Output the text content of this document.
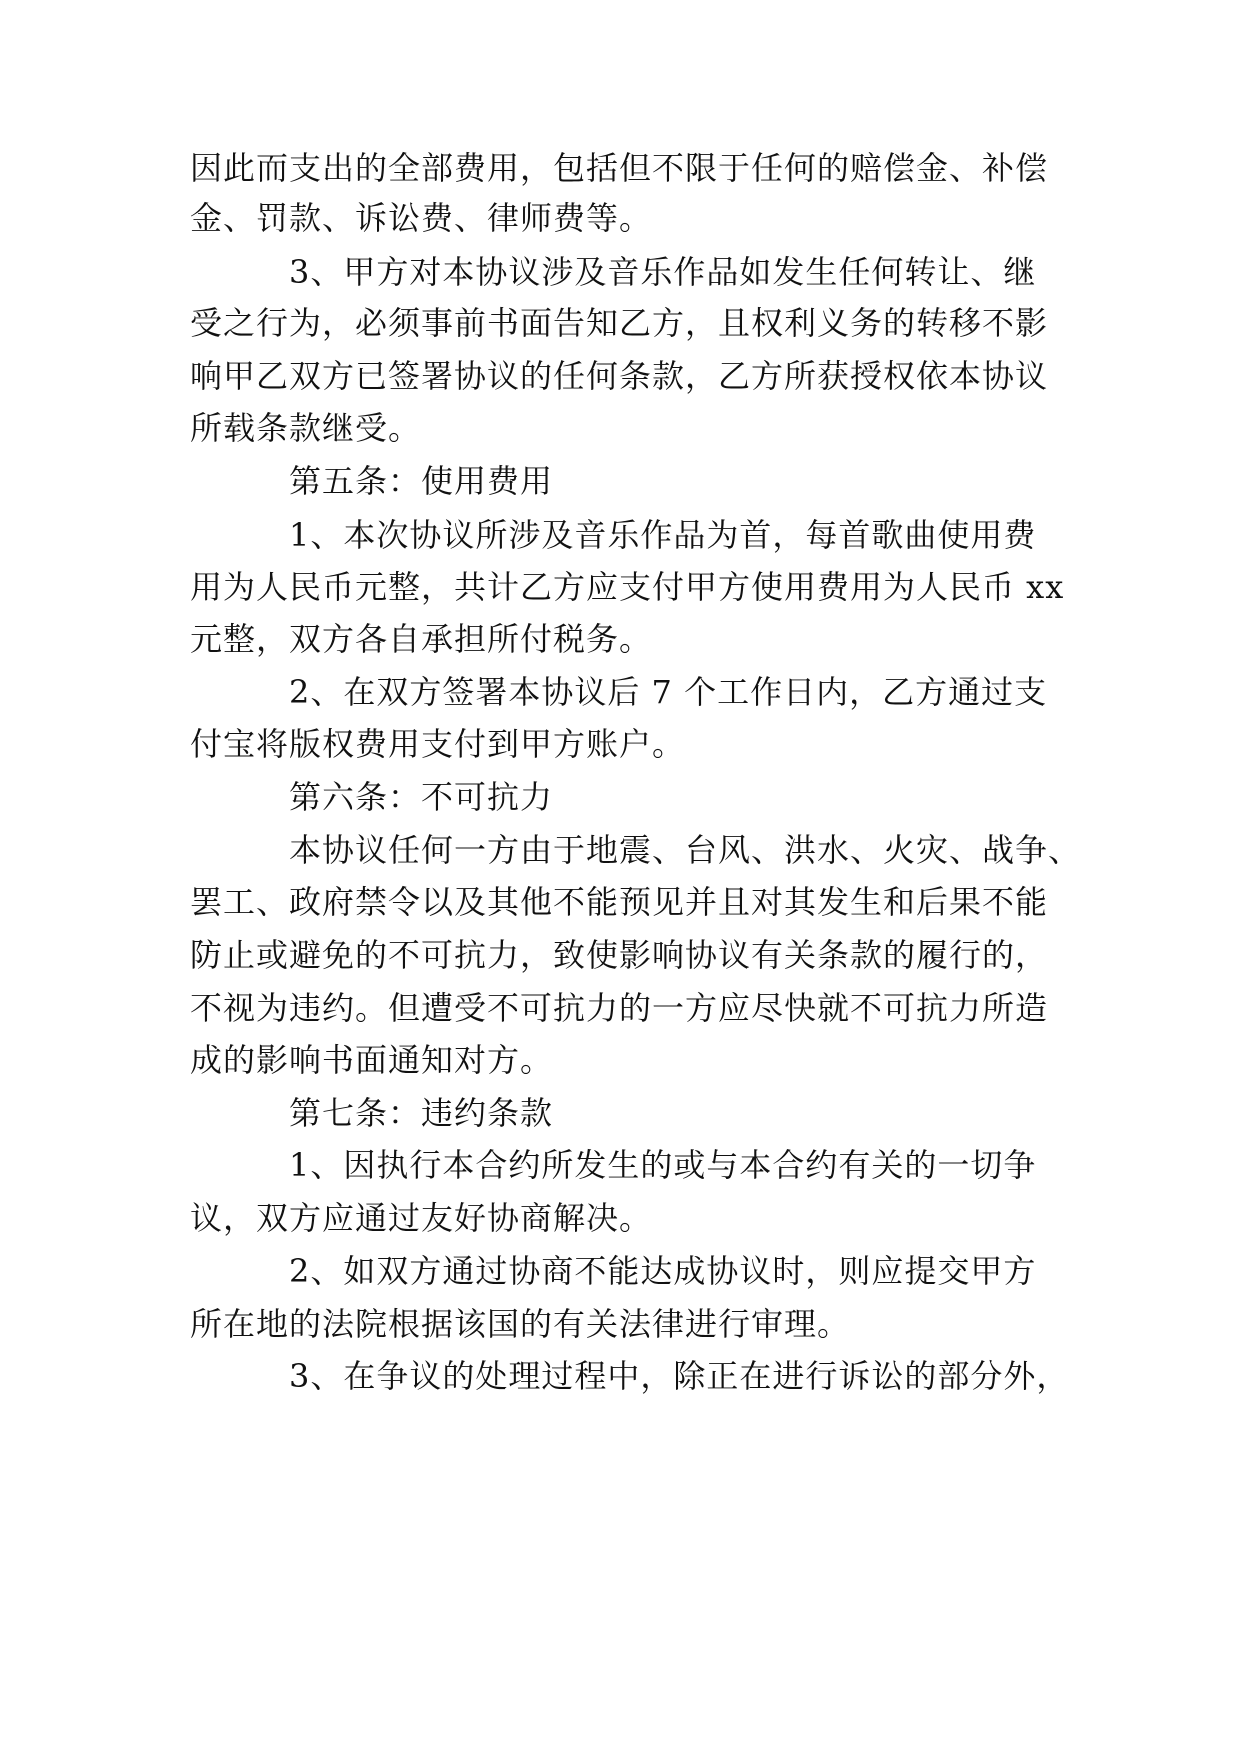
因此而支出的全部费用，包括但不限于任何的赔偿金、补偿
金、罚款、诉讼费、律师费等。
3、甲方对本协议涉及音乐作品如发生任何转让、继
受之行为，必须事前书面告知乙方，且权利义务的转移不影
响甲乙双方已签署协议的任何条款，乙方所获授权依本协议
所载条款继受。
第五条：使用费用
1、本次协议所涉及音乐作品为首，每首歌曲使用费
用为人民币元整，共计乙方应支付甲方使用费用为人民币 xx
元整，双方各自承担所付税务。
2、在双方签署本协议后 7 个工作日内，乙方通过支
付宝将版权费用支付到甲方账户。
第六条：不可抗力
本协议任何一方由于地震、台风、洪水、火灾、战争、
罢工、政府禁令以及其他不能预见并且对其发生和后果不能
防止或避免的不可抗力，致使影响协议有关条款的履行的，
不视为违约。但遭受不可抗力的一方应尽快就不可抗力所造
成的影响书面通知对方。
第七条：违约条款
1、因执行本合约所发生的或与本合约有关的一切争
议，双方应通过友好协商解决。
2、如双方通过协商不能达成协议时，则应提交甲方
所在地的法院根据该国的有关法律进行审理。
3、在争议的处理过程中，除正在进行诉讼的部分外，
